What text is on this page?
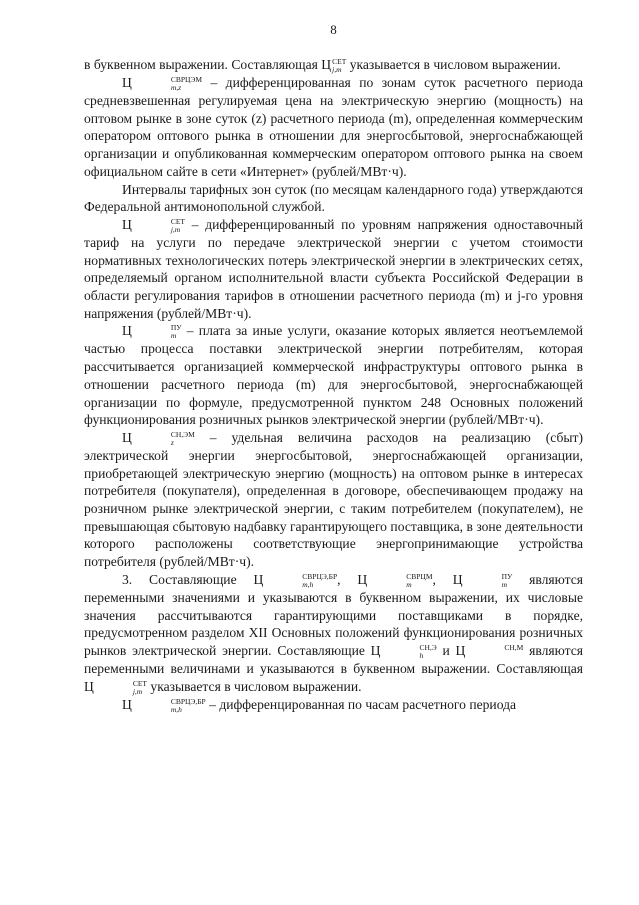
8

в буквенном выражении. Составляющая Ц СЕТ
j,m указывается в числовом выражении.

Ц	СВРЦЭМ
m,z	– дифференцированная по зонам суток расчетного периода средневзвешенная регулируемая цена на электрическую энергию (мощность) на оптовом рынке в зоне суток (z) расчетного периода (m), определенная коммерческим оператором оптового рынка в отношении для энергосбытовой, энергоснабжающей организации и опубликованная коммерческим оператором оптового рынка на своем официальном сайте в сети «Интернет» (рублей/МВт·ч).

Интервалы тарифных зон суток (по месяцам календарного года) утверждаются Федеральной антимонопольной службой.

Ц	СЕТ
j,m – дифференцированный по уровням напряжения одноставочный тариф на услуги по передаче электрической энергии с учетом стоимости нормативных технологических потерь электрической энергии в электрических сетях, определяемый органом исполнительной власти субъекта Российской Федерации в области регулирования тарифов в отношении расчетного периода (m) и j-го уровня напряжения (рублей/МВт·ч).

Ц	ПУ
m – плата за иные услуги, оказание которых является неотъемлемой частью процесса поставки электрической энергии потребителям, которая рассчитывается организацией коммерческой инфраструктуры оптового рынка в отношении расчетного периода (m) для энергосбытовой, энергоснабжающей организации по формуле, предусмотренной пунктом 248 Основных положений функционирования розничных рынков электрической энергии (рублей/МВт·ч).

Ц	СН,ЭМ
z	– удельная величина расходов на реализацию (сбыт) электрической энергии энергосбытовой, энергоснабжающей организации, приобретающей электрическую энергию (мощность) на оптовом рынке в интересах потребителя (покупателя), определенная в договоре, обеспечивающем продажу на розничном рынке электрической энергии, с таким потребителем (покупателем), не превышающая сбытовую надбавку гарантирующего поставщика, в зоне деятельности которого расположены соответствующие энергопринимающие устройства потребителя (рублей/МВт·ч).

3. Составляющие Ц	СВРЦЭ,БР
m,h	, Ц	СВРЦМ
m	, Ц	ПУ
m являются переменными значениями и указываются в буквенном выражении, их числовые значения рассчитываются гарантирующими поставщиками в порядке, предусмотренном разделом XII Основных положений функционирования розничных рынков электрической энергии. Составляющие Ц	СН,Э
h и Ц	СН,М
являются переменными величинами и указываются в буквенном выражении. Составляющая Ц	СЕТ
j,m указывается в числовом выражении.

Ц	СВРЦЭ,БР
m,h	– дифференцированная по часам расчетного периода
